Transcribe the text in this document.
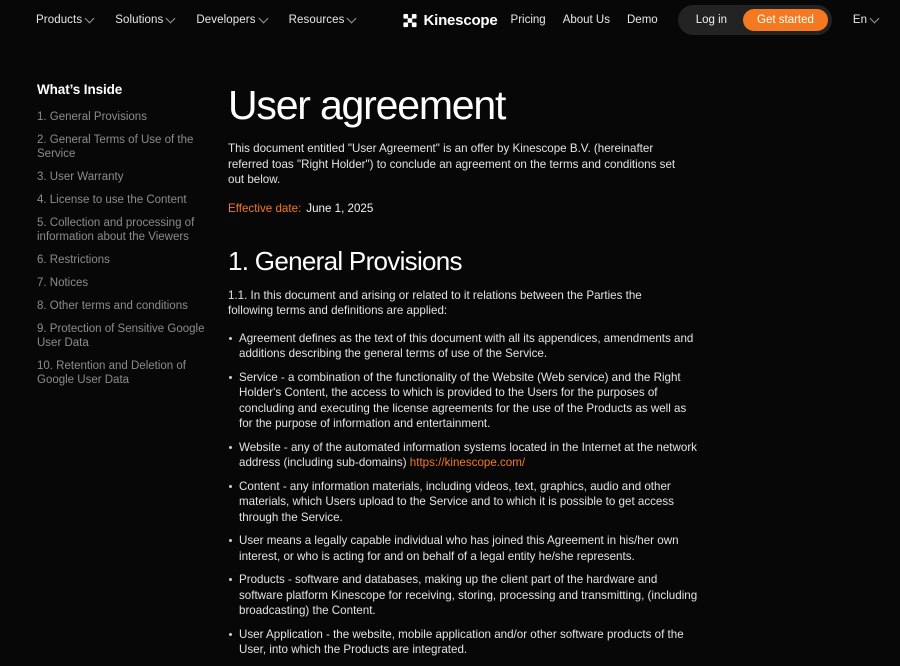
Products	Solutions	Developers	Resources	Kinescope Pricing About Us Demo	Log in	Get started	En
What’s Inside
1. General Provisions
2. General Terms of Use of the Service
3. User Warranty
4. License to use the Content
5. Collection and processing of information about the Viewers
6. Restrictions
7. Notices
8. Other terms and conditions
9. Protection of Sensitive Google User Data
10. Retention and Deletion of Google User Data
User agreement

This document entitled "User Agreement" is an offer by Kinescope B.V. (hereinafter referred toas "Right Holder") to conclude an agreement on the terms and conditions set out below.

Effective date: June 1, 2025
1. General Provisions

1.1. In this document and arising or related to it relations between the Parties the following terms and definitions are applied:

Agreement defines as the text of this document with all its appendices, amendments and additions describing the general terms of use of the Service.
Service - a combination of the functionality of the Website (Web service) and the Right Holder's Content, the access to which is provided to the Users for the purposes of concluding and executing the license agreements for the use of the Products as well as for the purpose of information and entertainment.
Website - any of the automated information systems located in the Internet at the network address (including sub-domains) https://kinescope.com/
Content - any information materials, including videos, text, graphics, audio and other materials, which Users upload to the Service and to which it is possible to get access through the Service.
User means a legally capable individual who has joined this Agreement in his/her own interest, or who is acting for and on behalf of a legal entity he/she represents.
Products - software and databases, making up the client part of the hardware and software platform Kinescope for receiving, storing, processing and transmitting, (including broadcasting) the Content.
User Application - the website, mobile application and/or other software products of the User, into which the Products are integrated.
